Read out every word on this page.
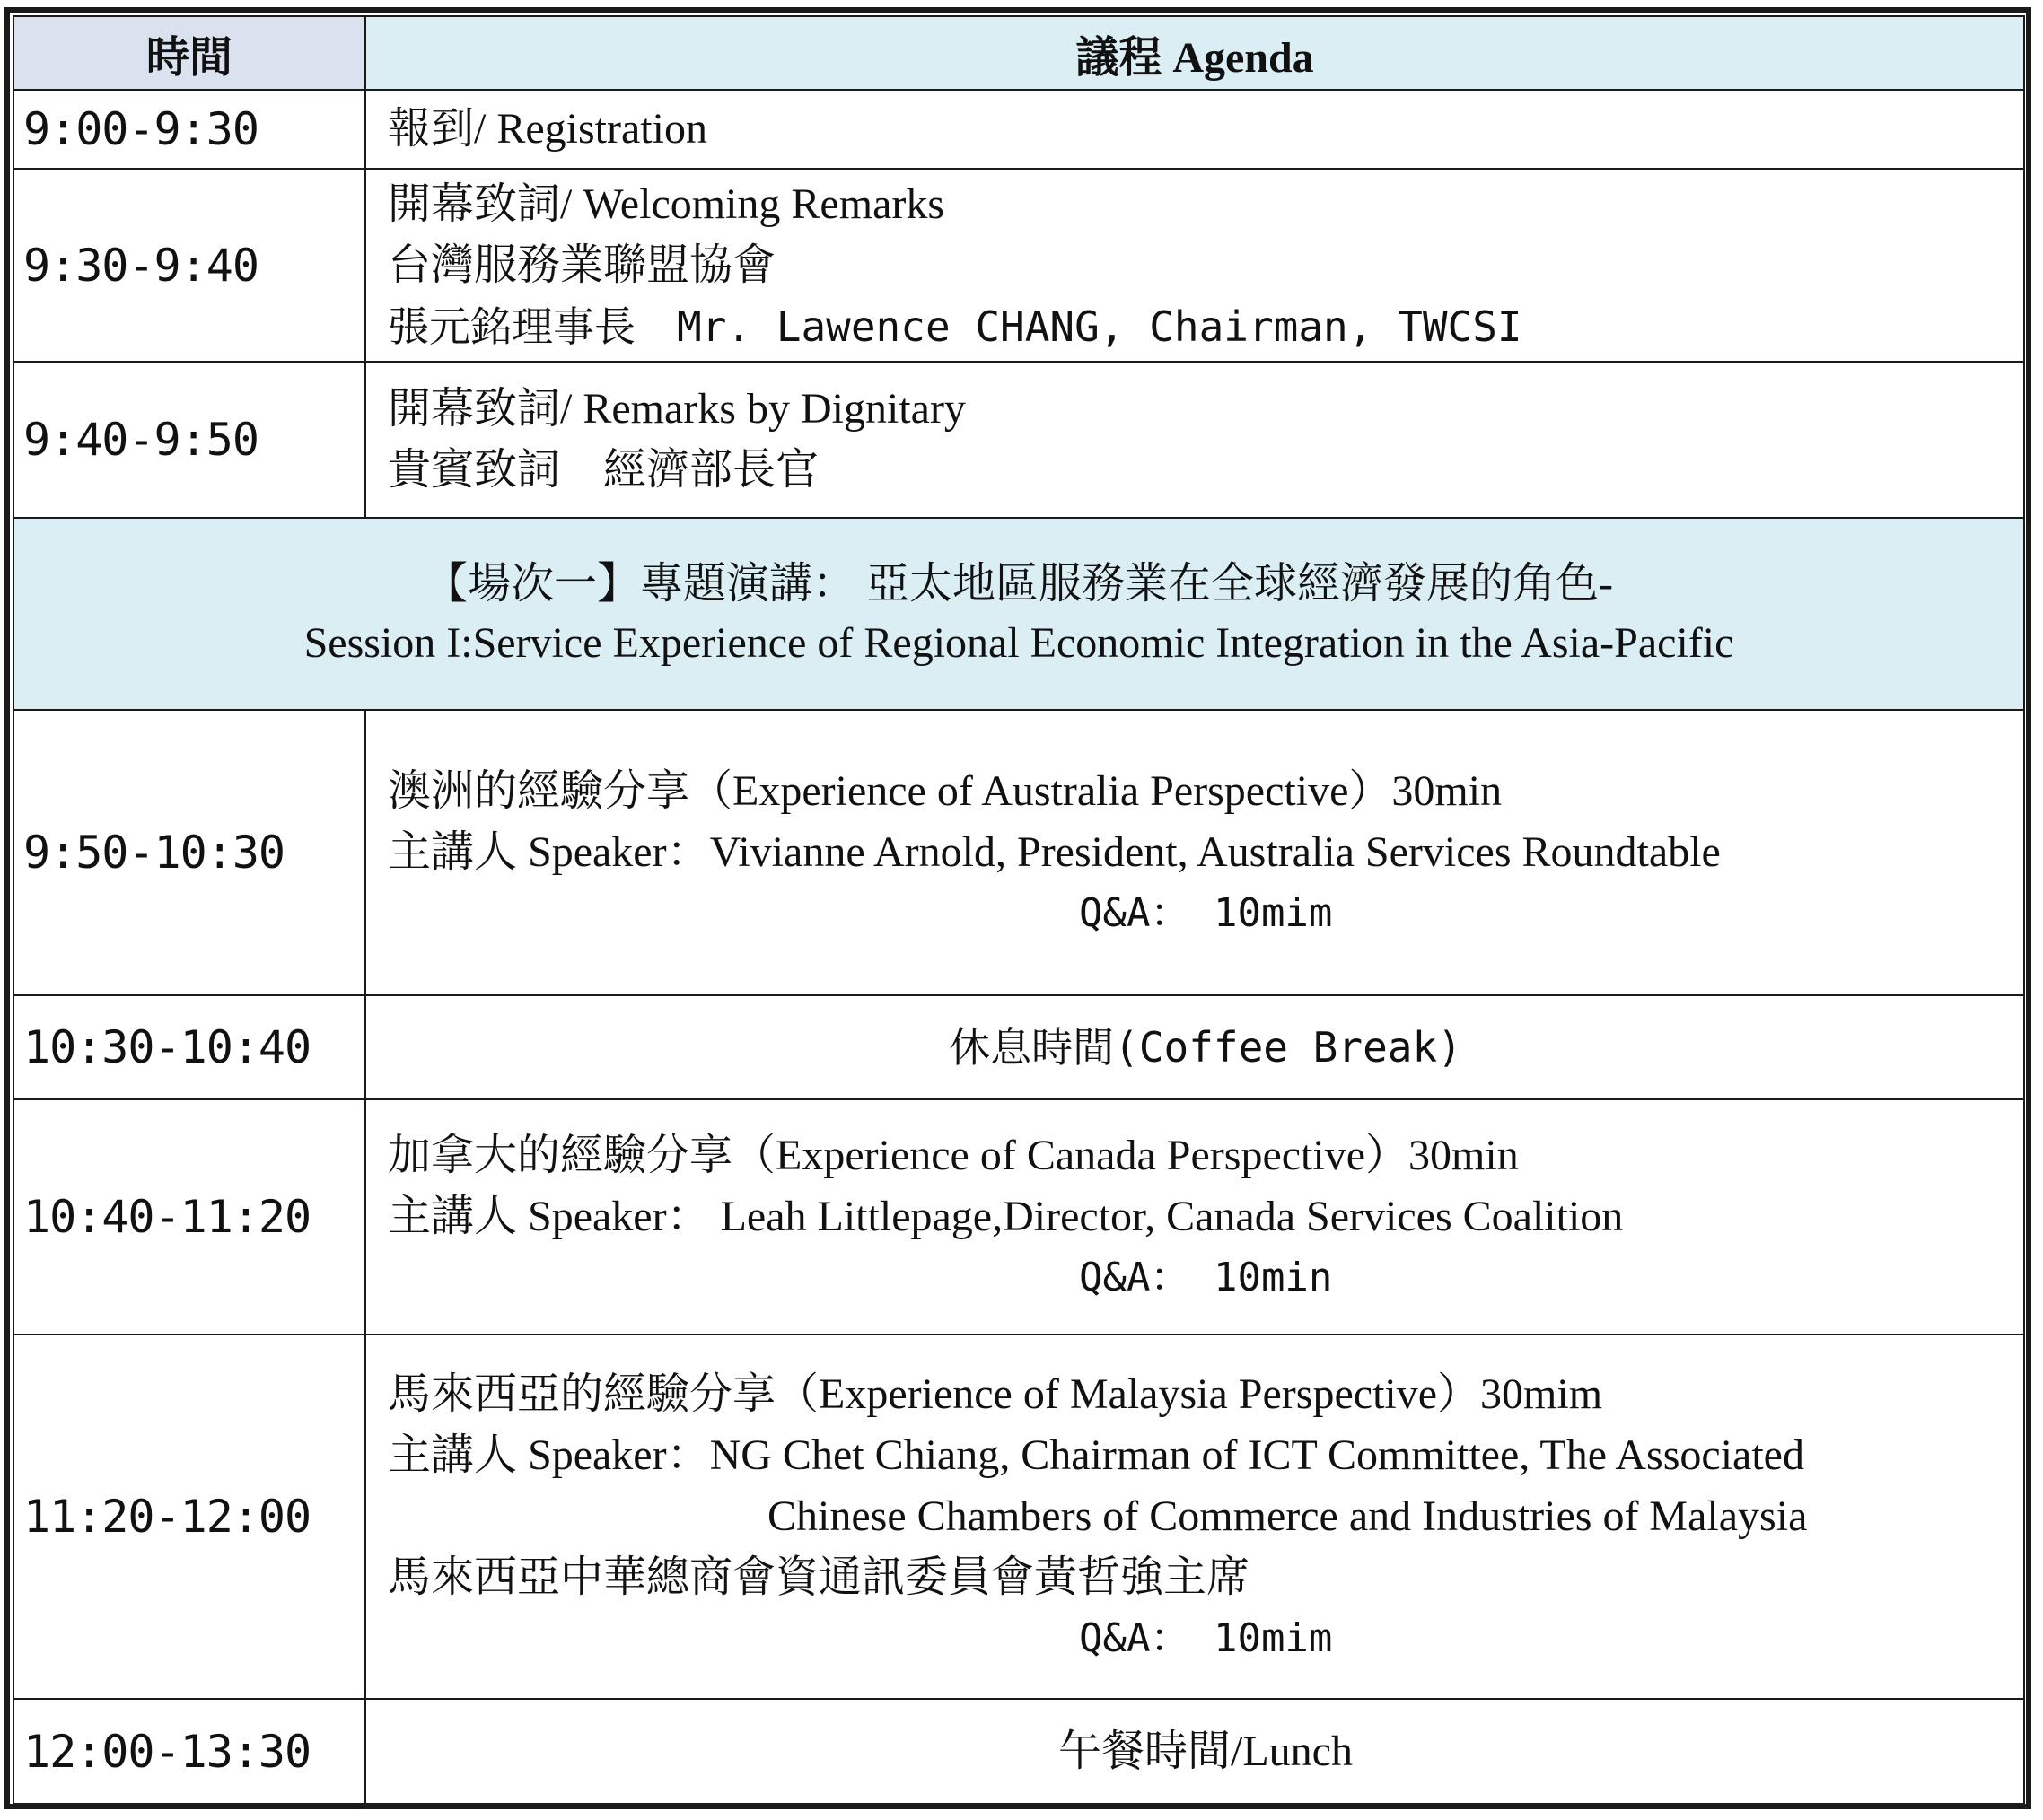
時間	議程 Agenda
9:00-9:30	報到/ Registration

9:30-9:40	開幕致詞/ Welcoming Remarks
台灣服務業聯盟協會
張元銘理事長　Mr. Lawence CHANG, Chairman, TWCSI

9:40-9:50	開幕致詞/ Remarks by Dignitary
貴賓致詞　經濟部長官

【場次一】專題演講： 亞太地區服務業在全球經濟發展的角色-
Session I:Service Experience of Regional Economic Integration in the Asia-Pacific	

9:50-10:30	澳洲的經驗分享（Experience of Australia Perspective）30min
主講人 Speaker：Vivianne Arnold, President, Australia Services Roundtable
Q&A： 10mim

10:30-10:40	休息時間(Coffee Break)

10:40-11:20	加拿大的經驗分享（Experience of Canada Perspective）30min
主講人 Speaker： Leah Littlepage,Director, Canada Services Coalition
Q&A： 10min

11:20-12:00	馬來西亞的經驗分享（Experience of Malaysia Perspective）30mim
主講人 Speaker：NG Chet Chiang, Chairman of ICT Committee, The Associated
Chinese Chambers of Commerce and Industries of Malaysia
馬來西亞中華總商會資通訊委員會黃哲強主席
Q&A： 10mim

12:00-13:30	午餐時間/Lunch
